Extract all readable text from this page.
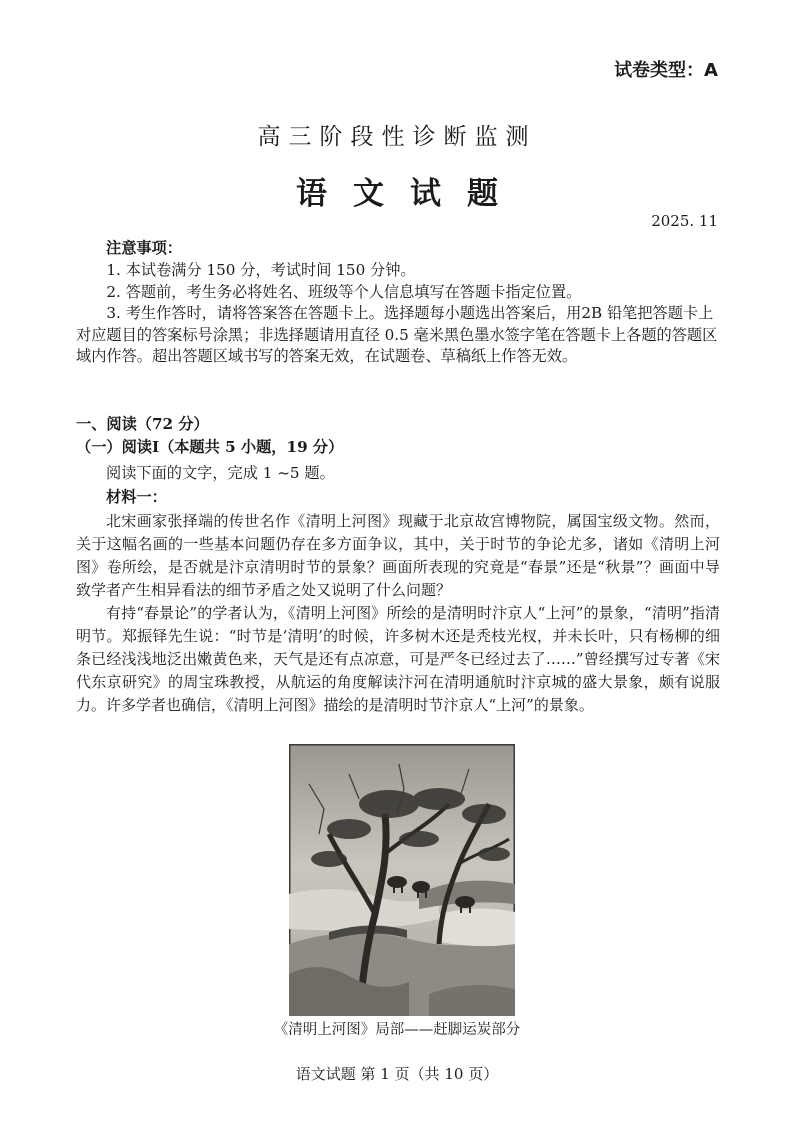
试卷类型：A
高三阶段性诊断监测
语文试题
2025. 11
注意事项：

1. 本试卷满分 150 分，考试时间 150 分钟。

2. 答题前，考生务必将姓名、班级等个人信息填写在答题卡指定位置。

3. 考生作答时，请将答案答在答题卡上。选择题每小题选出答案后，用2B 铅笔把答题卡上对应题目的答案标号涂黑；非选择题请用直径 0.5 毫米黑色墨水签字笔在答题卡上各题的答题区域内作答。超出答题区域书写的答案无效，在试题卷、草稿纸上作答无效。

一、阅读（72 分）

（一）阅读Ⅰ（本题共 5 小题，19 分）
阅读下面的文字，完成 1 ~5 题。
材料一：

北宋画家张择端的传世名作《清明上河图》现藏于北京故宫博物院，属国宝级文物。然而，关于这幅名画的一些基本问题仍存在多方面争议，其中，关于时节的争论尤多，诸如《清明上河图》卷所绘，是否就是汴京清明时节的景象？画面所表现的究竟是“春景”还是“秋景”？画面中导致学者产生相异看法的细节矛盾之处又说明了什么问题？

有持“春景论”的学者认为，《清明上河图》所绘的是清明时汴京人“上河”的景象，“清明”指清明节。郑振铎先生说：“时节是‘清明’的时候，许多树木还是秃枝光杈，并未长叶，只有杨柳的细条已经浅浅地泛出嫩黄色来，天气是还有点凉意，可是严冬已经过去了……”曾经撰写过专著《宋代东京研究》的周宝珠教授，从航运的角度解读汴河在清明通航时汴京城的盛大景象，颇有说服力。许多学者也确信，《清明上河图》描绘的是清明时节汴京人“上河”的景象。

《清明上河图》局部——赶脚运炭部分
语文试题 第 1 页（共 10 页）
